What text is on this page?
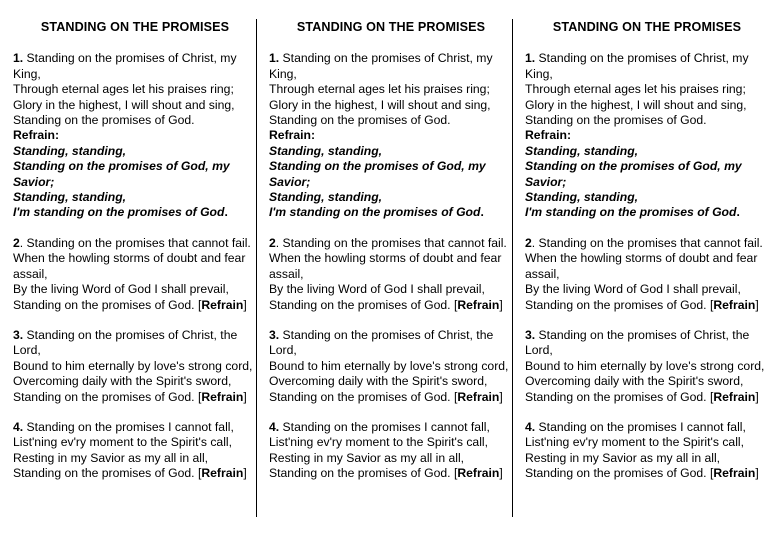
STANDING ON THE PROMISES
1. Standing on the promises of Christ, my King,
Through eternal ages let his praises ring;
Glory in the highest, I will shout and sing,
Standing on the promises of God.
Refrain:
Standing, standing,
Standing on the promises of God, my Savior;
Standing, standing,
I'm standing on the promises of God.
2. Standing on the promises that cannot fail.
When the howling storms of doubt and fear assail,
By the living Word of God I shall prevail,
Standing on the promises of God. [Refrain]
3. Standing on the promises of Christ, the Lord,
Bound to him eternally by love's strong cord,
Overcoming daily with the Spirit's sword,
Standing on the promises of God. [Refrain]
4. Standing on the promises I cannot fall,
List'ning ev'ry moment to the Spirit's call,
Resting in my Savior as my all in all,
Standing on the promises of God. [Refrain]
STANDING ON THE PROMISES
1. Standing on the promises of Christ, my King,
Through eternal ages let his praises ring;
Glory in the highest, I will shout and sing,
Standing on the promises of God.
Refrain:
Standing, standing,
Standing on the promises of God, my Savior;
Standing, standing,
I'm standing on the promises of God.
2. Standing on the promises that cannot fail.
When the howling storms of doubt and fear assail,
By the living Word of God I shall prevail,
Standing on the promises of God. [Refrain]
3. Standing on the promises of Christ, the Lord,
Bound to him eternally by love's strong cord,
Overcoming daily with the Spirit's sword,
Standing on the promises of God. [Refrain]
4. Standing on the promises I cannot fall,
List'ning ev'ry moment to the Spirit's call,
Resting in my Savior as my all in all,
Standing on the promises of God. [Refrain]
STANDING ON THE PROMISES
1. Standing on the promises of Christ, my King,
Through eternal ages let his praises ring;
Glory in the highest, I will shout and sing,
Standing on the promises of God.
Refrain:
Standing, standing,
Standing on the promises of God, my Savior;
Standing, standing,
I'm standing on the promises of God.
2. Standing on the promises that cannot fail.
When the howling storms of doubt and fear assail,
By the living Word of God I shall prevail,
Standing on the promises of God. [Refrain]
3. Standing on the promises of Christ, the Lord,
Bound to him eternally by love's strong cord,
Overcoming daily with the Spirit's sword,
Standing on the promises of God. [Refrain]
4. Standing on the promises I cannot fall,
List'ning ev'ry moment to the Spirit's call,
Resting in my Savior as my all in all,
Standing on the promises of God. [Refrain]
